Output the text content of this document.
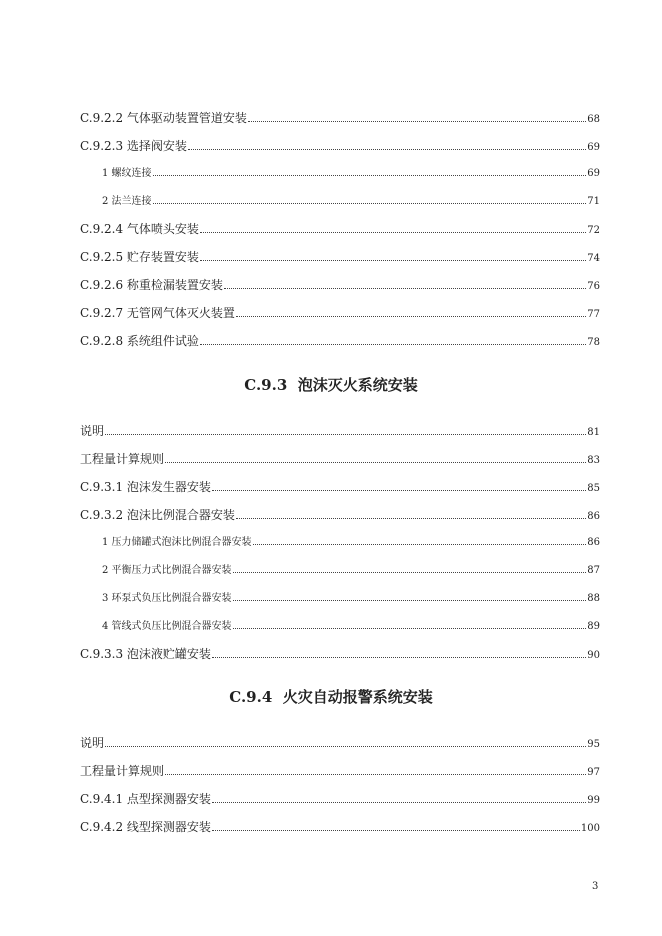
C.9.2.2 气体驱动装置管道安装	68
C.9.2.3 选择阀安装	69
1 螺纹连接	69
2 法兰连接	71
C.9.2.4 气体喷头安装	72
C.9.2.5 贮存装置安装	74
C.9.2.6 称重检漏装置安装	76
C.9.2.7 无管网气体灭火装置	77
C.9.2.8 系统组件试验	78
说明	81
工程量计算规则	83
C.9.3.1 泡沫发生器安装	85
C.9.3.2 泡沫比例混合器安装	86
1 压力储罐式泡沫比例混合器安装	86
2 平衡压力式比例混合器安装	87
3 环泵式负压比例混合器安装	88
4 管线式负压比例混合器安装	89
C.9.3.3 泡沫液贮罐安装	90
说明	95
工程量计算规则	97
C.9.4.1 点型探测器安装	99
C.9.4.2 线型探测器安装	100
C.9.3  泡沫灭火系统安装
C.9.4  火灾自动报警系统安装
3
